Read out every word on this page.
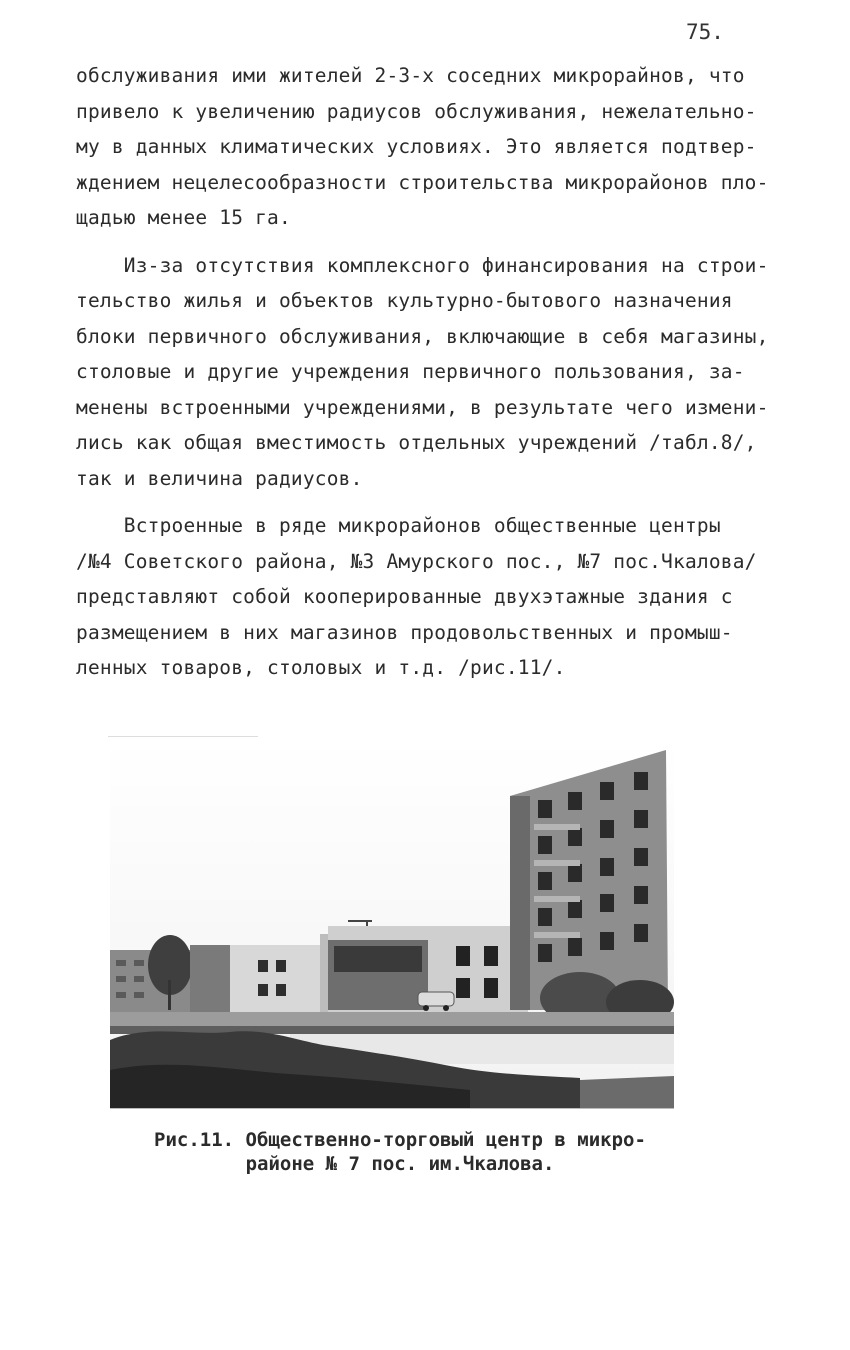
75.
обслуживания ими жителей 2-3-х соседних микрорайнов, что
привело к увеличению радиусов обслуживания, нежелательно-
му в данных климатических условиях. Это является подтвер-
ждением нецелесообразности строительства микрорайонов пло-
щадью менее 15 га.
Из-за отсутствия комплексного финансирования на строи-
тельство жилья и объектов культурно-бытового назначения
блоки первичного обслуживания, включающие в себя магазины,
столовые и другие учреждения первичного пользования, за-
менены встроенными учреждениями, в результате чего измени-
лись как общая вместимость отдельных учреждений /табл.8/,
так и величина радиусов.
Встроенные в ряде микрорайонов общественные центры
/№4 Советского района, №3 Амурского пос., №7 пос.Чкалова/
представляют собой кооперированные двухэтажные здания с
размещением в них магазинов продовольственных и промыш-
ленных товаров, столовых и т.д. /рис.11/.
Рис.11. Общественно-торговый центр в микро-
районе № 7 пос. им.Чкалова.
